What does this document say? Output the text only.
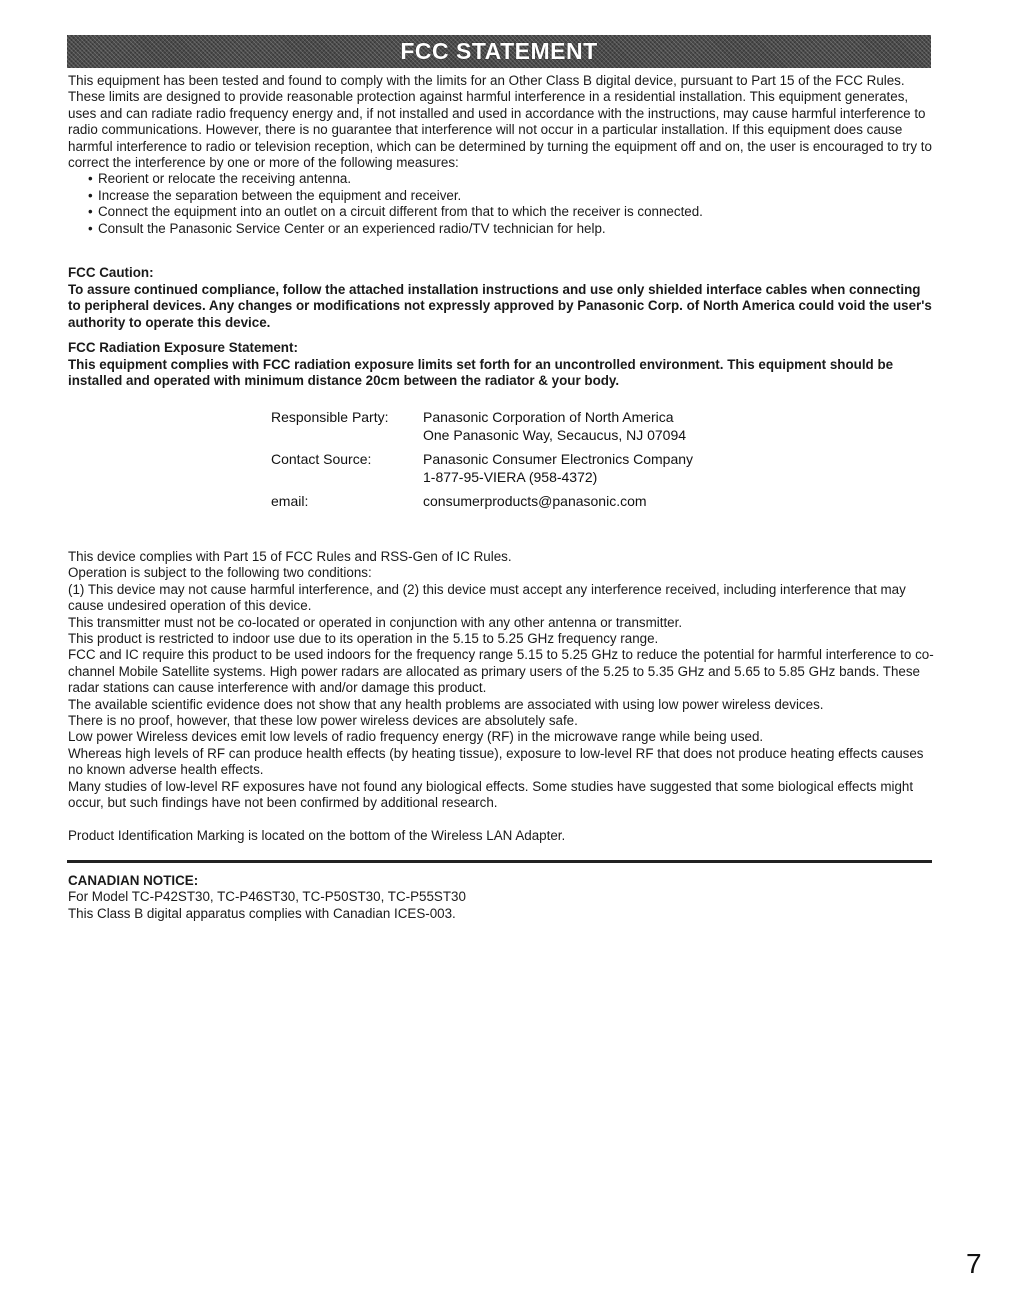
FCC STATEMENT

This equipment has been tested and found to comply with the limits for an Other Class B digital device, pursuant to Part 15 of the FCC Rules. These limits are designed to provide reasonable protection against harmful interference in a residential installation. This equipment generates, uses and can radiate radio frequency energy and, if not installed and used in accordance with the instructions, may cause harmful interference to radio communications. However, there is no guarantee that interference will not occur in a particular installation. If this equipment does cause harmful interference to radio or television reception, which can be determined by turning the equipment off and on, the user is encouraged to try to correct the interference by one or more of the following measures:

• Reorient or relocate the receiving antenna.
• Increase the separation between the equipment and receiver.
• Connect the equipment into an outlet on a circuit different from that to which the receiver is connected.
• Consult the Panasonic Service Center or an experienced radio/TV technician for help.

FCC Caution:

To assure continued compliance, follow the attached installation instructions and use only shielded interface cables when connecting to peripheral devices. Any changes or modifications not expressly approved by Panasonic Corp. of North America could void the user's authority to operate this device.

FCC Radiation Exposure Statement:

This equipment complies with FCC radiation exposure limits set forth for an uncontrolled environment. This equipment should be installed and operated with minimum distance 20cm between the radiator & your body.

Responsible Party:	Panasonic Corporation of North America
One Panasonic Way, Secaucus, NJ 07094
Contact Source:	Panasonic Consumer Electronics Company
1-877-95-VIERA (958-4372)
email:	consumerproducts@panasonic.com

This device complies with Part 15 of FCC Rules and RSS-Gen of IC Rules.

Operation is subject to the following two conditions:

(1) This device may not cause harmful interference, and (2) this device must accept any interference received, including interference that may cause undesired operation of this device.

This transmitter must not be co-located or operated in conjunction with any other antenna or transmitter.

This product is restricted to indoor use due to its operation in the 5.15 to 5.25 GHz frequency range.

FCC and IC require this product to be used indoors for the frequency range 5.15 to 5.25 GHz to reduce the potential for harmful interference to co-channel Mobile Satellite systems. High power radars are allocated as primary users of the 5.25 to 5.35 GHz and 5.65 to 5.85 GHz bands. These radar stations can cause interference with and/or damage this product.

The available scientific evidence does not show that any health problems are associated with using low power wireless devices.

There is no proof, however, that these low power wireless devices are absolutely safe.

Low power Wireless devices emit low levels of radio frequency energy (RF) in the microwave range while being used.

Whereas high levels of RF can produce health effects (by heating tissue), exposure to low-level RF that does not produce heating effects causes no known adverse health effects.

Many studies of low-level RF exposures have not found any biological effects. Some studies have suggested that some biological effects might occur, but such findings have not been confirmed by additional research.

Product Identification Marking is located on the bottom of the Wireless LAN Adapter.

CANADIAN NOTICE:

For Model TC-P42ST30, TC-P46ST30, TC-P50ST30, TC-P55ST30

This Class B digital apparatus complies with Canadian ICES-003.

7
